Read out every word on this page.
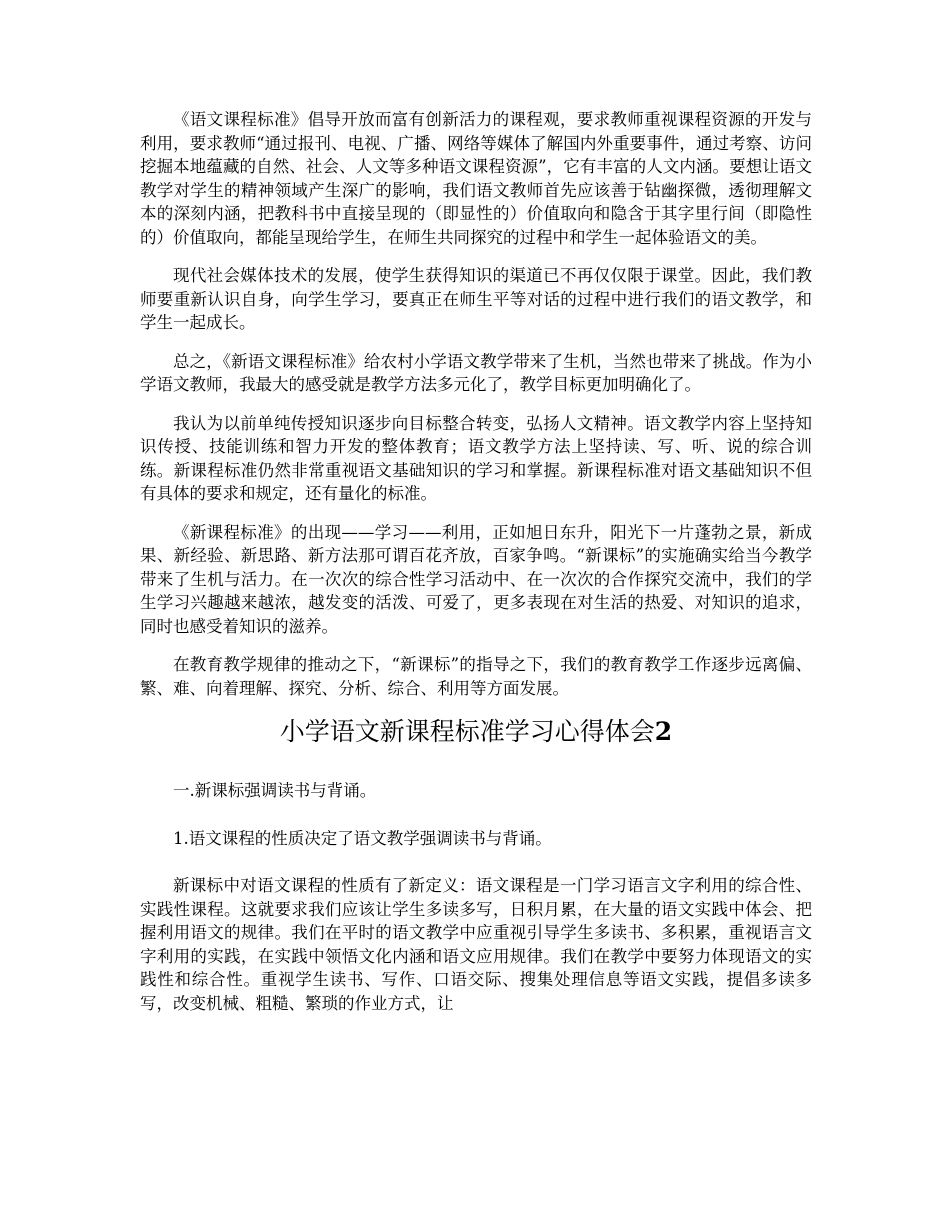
《语文课程标准》倡导开放而富有创新活力的课程观，要求教师重视课程资源的开发与利用，要求教师“通过报刊、电视、广播、网络等媒体了解国内外重要事件，通过考察、访问挖掘本地蕴藏的自然、社会、人文等多种语文课程资源”，它有丰富的人文内涵。要想让语文教学对学生的精神领域产生深广的影响，我们语文教师首先应该善于钻幽探微，透彻理解文本的深刻内涵，把教科书中直接呈现的（即显性的）价值取向和隐含于其字里行间（即隐性的）价值取向，都能呈现给学生，在师生共同探究的过程中和学生一起体验语文的美。

现代社会媒体技术的发展，使学生获得知识的渠道已不再仅仅限于课堂。因此，我们教师要重新认识自身，向学生学习，要真正在师生平等对话的过程中进行我们的语文教学，和学生一起成长。

总之，《新语文课程标准》给农村小学语文教学带来了生机，当然也带来了挑战。作为小学语文教师，我最大的感受就是教学方法多元化了，教学目标更加明确化了。

我认为以前单纯传授知识逐步向目标整合转变，弘扬人文精神。语文教学内容上坚持知识传授、技能训练和智力开发的整体教育；语文教学方法上坚持读、写、听、说的综合训练。新课程标准仍然非常重视语文基础知识的学习和掌握。新课程标准对语文基础知识不但有具体的要求和规定，还有量化的标准。

《新课程标准》的出现——学习——利用，正如旭日东升，阳光下一片蓬勃之景，新成果、新经验、新思路、新方法那可谓百花齐放，百家争鸣。“新课标”的实施确实给当今教学带来了生机与活力。在一次次的综合性学习活动中、在一次次的合作探究交流中，我们的学生学习兴趣越来越浓，越发变的活泼、可爱了，更多表现在对生活的热爱、对知识的追求，同时也感受着知识的滋养。

在教育教学规律的推动之下，“新课标”的指导之下，我们的教育教学工作逐步远离偏、繁、难、向着理解、探究、分析、综合、利用等方面发展。

小学语文新课程标准学习心得体会2

一.新课标强调读书与背诵。

1.语文课程的性质决定了语文教学强调读书与背诵。

新课标中对语文课程的性质有了新定义：语文课程是一门学习语言文字利用的综合性、实践性课程。这就要求我们应该让学生多读多写，日积月累，在大量的语文实践中体会、把握利用语文的规律。我们在平时的语文教学中应重视引导学生多读书、多积累，重视语言文字利用的实践，在实践中领悟文化内涵和语文应用规律。我们在教学中要努力体现语文的实践性和综合性。重视学生读书、写作、口语交际、搜集处理信息等语文实践，提倡多读多写，改变机械、粗糙、繁琐的作业方式，让
